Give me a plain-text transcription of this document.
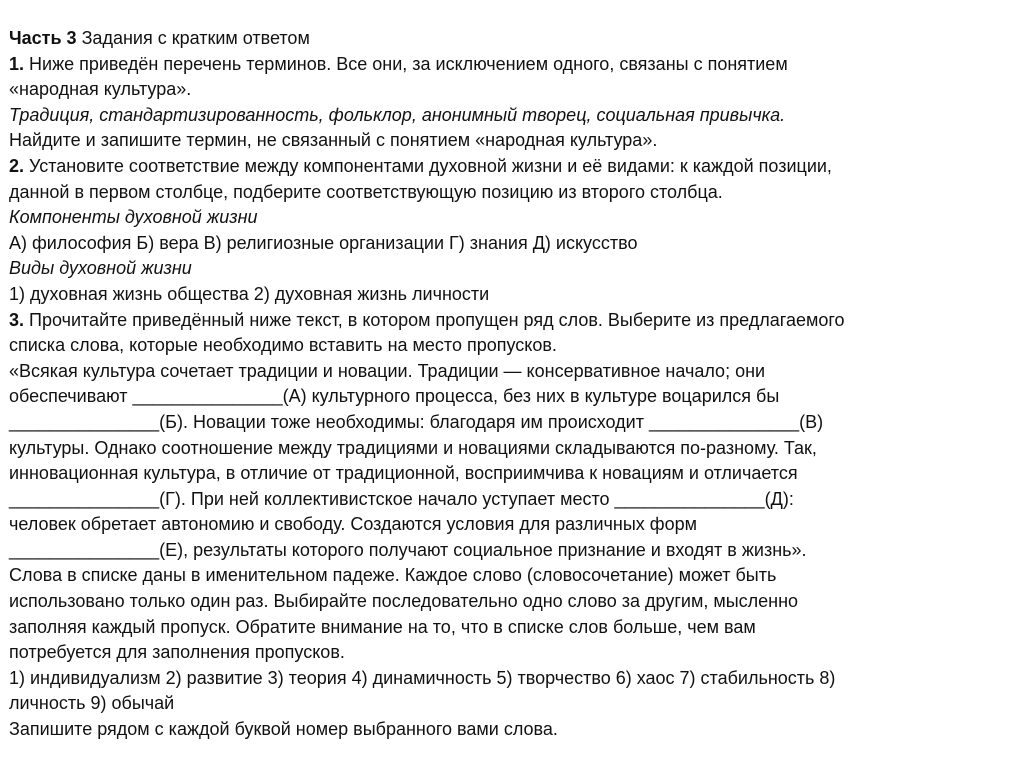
Часть 3 Задания с кратким ответом
1. Ниже приведён перечень терминов. Все они, за исключением одного, связаны с понятием
«народная культура».
Традиция, стандартизированность, фольклор, анонимный творец, социальная привычка.
Найдите и запишите термин, не связанный с понятием «народная культура».
2. Установите соответствие между компонентами духовной жизни и её видами: к каждой позиции,
данной в первом столбце, подберите соответствующую позицию из второго столбца.
Компоненты духовной жизни
А) философия Б) вера В) религиозные организации Г) знания Д) искусство
Виды духовной жизни
1) духовная жизнь общества 2) духовная жизнь личности
3. Прочитайте приведённый ниже текст, в котором пропущен ряд слов. Выберите из предлагаемого
списка слова, которые необходимо вставить на место пропусков.
«Всякая культура сочетает традиции и новации. Традиции — консервативное начало; они
обеспечивают _______________(А) культурного процесса, без них в культуре воцарился бы
_______________(Б). Новации тоже необходимы: благодаря им происходит _______________(В)
культуры. Однако соотношение между традициями и новациями складываются по-разному. Так,
инновационная культура, в отличие от традиционной, восприимчива к новациям и отличается
_______________(Г). При ней коллективистское начало уступает место _______________(Д):
человек обретает автономию и свободу. Создаются условия для различных форм
_______________(Е), результаты которого получают социальное признание и входят в жизнь».
Слова в списке даны в именительном падеже. Каждое слово (словосочетание) может быть
использовано только один раз. Выбирайте последовательно одно слово за другим, мысленно
заполняя каждый пропуск. Обратите внимание на то, что в списке слов больше, чем вам
потребуется для заполнения пропусков.
1) индивидуализм 2) развитие 3) теория 4) динамичность 5) творчество 6) хаос 7) стабильность 8)
личность 9) обычай
Запишите рядом с каждой буквой номер выбранного вами слова.
